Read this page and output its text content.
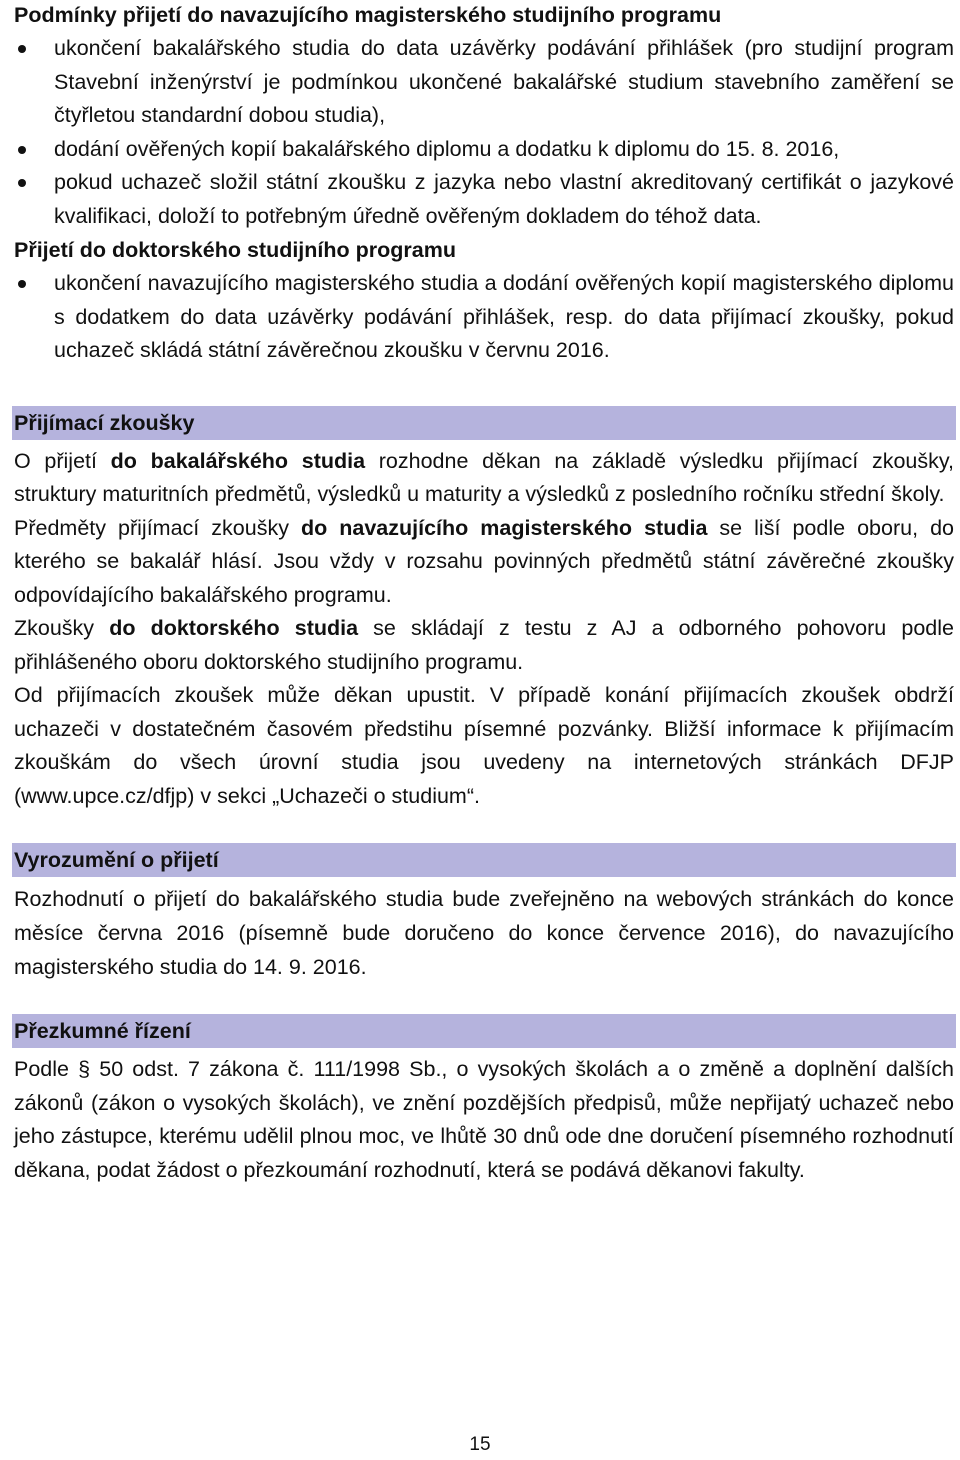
Podmínky přijetí do navazujícího magisterského studijního programu
ukončení bakalářského studia do data uzávěrky podávání přihlášek (pro studijní program Stavební inženýrství je podmínkou ukončené bakalářské studium stavebního zaměření se čtyřletou standardní dobou studia),
dodání ověřených kopií bakalářského diplomu a dodatku k diplomu do 15. 8. 2016,
pokud uchazeč složil státní zkoušku z jazyka nebo vlastní akreditovaný certifikát o jazykové kvalifikaci, doloží to potřebným úředně ověřeným dokladem do téhož data.
Přijetí do doktorského studijního programu
ukončení navazujícího magisterského studia a dodání ověřených kopií magisterského diplomu s dodatkem do data uzávěrky podávání přihlášek, resp. do data přijímací zkoušky, pokud uchazeč skládá státní závěrečnou zkoušku v červnu 2016.
Přijímací zkoušky

O přijetí do bakalářského studia rozhodne děkan na základě výsledku přijímací zkoušky, struktury maturitních předmětů, výsledků u maturity a výsledků z posledního ročníku střední školy.

Předměty přijímací zkoušky do navazujícího magisterského studia se liší podle oboru, do kterého se bakalář hlásí. Jsou vždy v rozsahu povinných předmětů státní závěrečné zkoušky odpovídajícího bakalářského programu.

Zkoušky do doktorského studia se skládají z testu z AJ a odborného pohovoru podle přihlášeného oboru doktorského studijního programu.

Od přijímacích zkoušek může děkan upustit. V případě konání přijímacích zkoušek obdrží uchazeči v dostatečném časovém předstihu písemné pozvánky. Bližší informace k přijímacím zkouškám do všech úrovní studia jsou uvedeny na internetových stránkách DFJP (www.upce.cz/dfjp) v sekci „Uchazeči o studium“.

Vyrozumění o přijetí

Rozhodnutí o přijetí do bakalářského studia bude zveřejněno na webových stránkách do konce měsíce června 2016 (písemně bude doručeno do konce července 2016), do navazujícího magisterského studia do 14. 9. 2016.

Přezkumné řízení

Podle § 50 odst. 7 zákona č. 111/1998 Sb., o vysokých školách a o změně a doplnění dalších zákonů (zákon o vysokých školách), ve znění pozdějších předpisů, může nepřijatý uchazeč nebo jeho zástupce, kterému udělil plnou moc, ve lhůtě 30 dnů ode dne doručení písemného rozhodnutí děkana, podat žádost o přezkoumání rozhodnutí, která se podává děkanovi fakulty.

15
